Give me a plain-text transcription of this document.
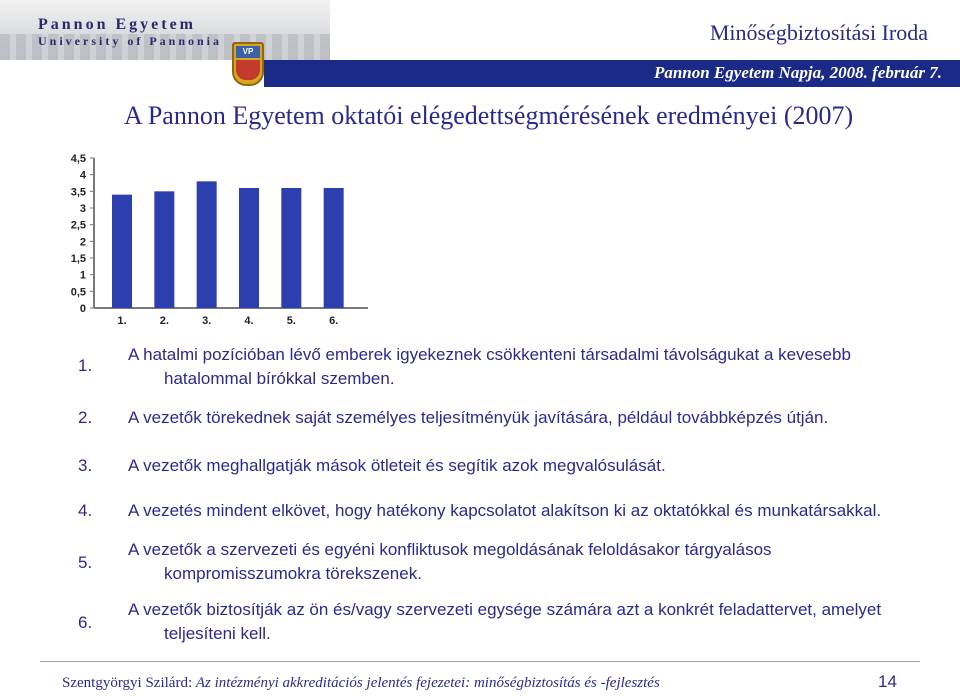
Pannon Egyetem
University of Pannonia
VP
Minőségbiztosítási Iroda
Pannon Egyetem Napja, 2008. február 7.
A Pannon Egyetem oktatói elégedettségmérésének eredményei (2007)
0
0,5
1
1,5
2
2,5
3
3,5
4
4,5
1.	2.	3.	4.	5.	6.
1.
A hatalmi pozícióban lévő emberek igyekeznek csökkenteni társadalmi távolságukat a kevesebb
hatalommal bírókkal szemben.
2.	A vezetők törekednek saját személyes teljesítményük javítására, például továbbképzés útján.
3.	A vezetők meghallgatják mások ötleteit és segítik azok megvalósulását.
4.	A vezetés mindent elkövet, hogy hatékony kapcsolatot alakítson ki az oktatókkal és munkatársakkal.
5.
A vezetők a szervezeti és egyéni konfliktusok megoldásának feloldásakor tárgyalásos
kompromisszumokra törekszenek.
6.
A vezetők biztosítják az ön és/vagy szervezeti egysége számára azt a konkrét feladattervet, amelyet
teljesíteni kell.
Szentgyörgyi Szilárd: Az intézményi akkreditációs jelentés fejezetei: minőségbiztosítás és -fejlesztés	14
